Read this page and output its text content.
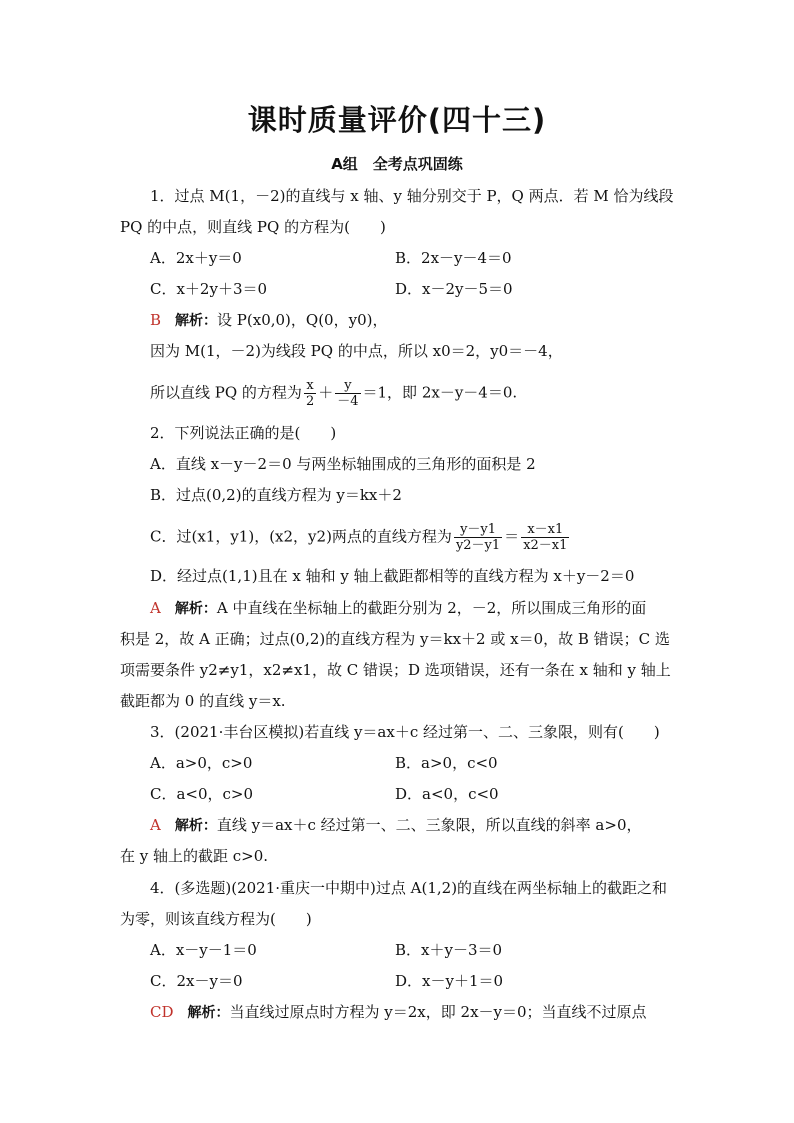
课时质量评价(四十三)
A组　全考点巩固练
1．过点 M(1，－2)的直线与 x 轴、y 轴分别交于 P，Q 两点．若 M 恰为线段
PQ 的中点，则直线 PQ 的方程为(　　)
A．2x＋y＝0	B．2x－y－4＝0
C．x＋2y＋3＝0	D．x－2y－5＝0
B 解析：设 P(x0,0)，Q(0，y0)，
因为 M(1，－2)为线段 PQ 的中点，所以 x0＝2，y0＝－4，
所以直线 PQ 的方程为 $\frac{x}{2} + \frac{y}{-4} =1$，即 2x－y－4＝0.
2．下列说法正确的是(　　)
A．直线 x－y－2＝0 与两坐标轴围成的三角形的面积是 2
B．过点(0,2)的直线方程为 y＝kx＋2
C．过(x1，y1)，(x2，y2)两点的直线方程为 $\frac{y-y1}{y2-y1} = \frac{x-x1}{x2-x1}$
D．经过点(1,1)且在 x 轴和 y 轴上截距都相等的直线方程为 x＋y－2＝0
A 解析：A 中直线在坐标轴上的截距分别为 2，－2，所以围成三角形的面
积是 2，故 A 正确；过点(0,2)的直线方程为 y＝kx＋2 或 x＝0，故 B 错误；C 选
项需要条件 y2≠y1，x2≠x1，故 C 错误；D 选项错误，还有一条在 x 轴和 y 轴上
截距都为 0 的直线 y＝x.
3．(2021·丰台区模拟)若直线 y＝ax＋c 经过第一、二、三象限，则有(　　)
A．a>0，c>0	B．a>0，c<0
C．a<0，c>0	D．a<0，c<0
A 解析：直线 y＝ax＋c 经过第一、二、三象限，所以直线的斜率 a>0，
在 y 轴上的截距 c>0.
4．(多选题)(2021·重庆一中期中)过点 A(1,2)的直线在两坐标轴上的截距之和
为零，则该直线方程为(　　)
A．x－y－1＝0	B．x＋y－3＝0
C．2x－y＝0	D．x－y＋1＝0
CD 解析：当直线过原点时方程为 y＝2x，即 2x－y＝0；当直线不过原点
